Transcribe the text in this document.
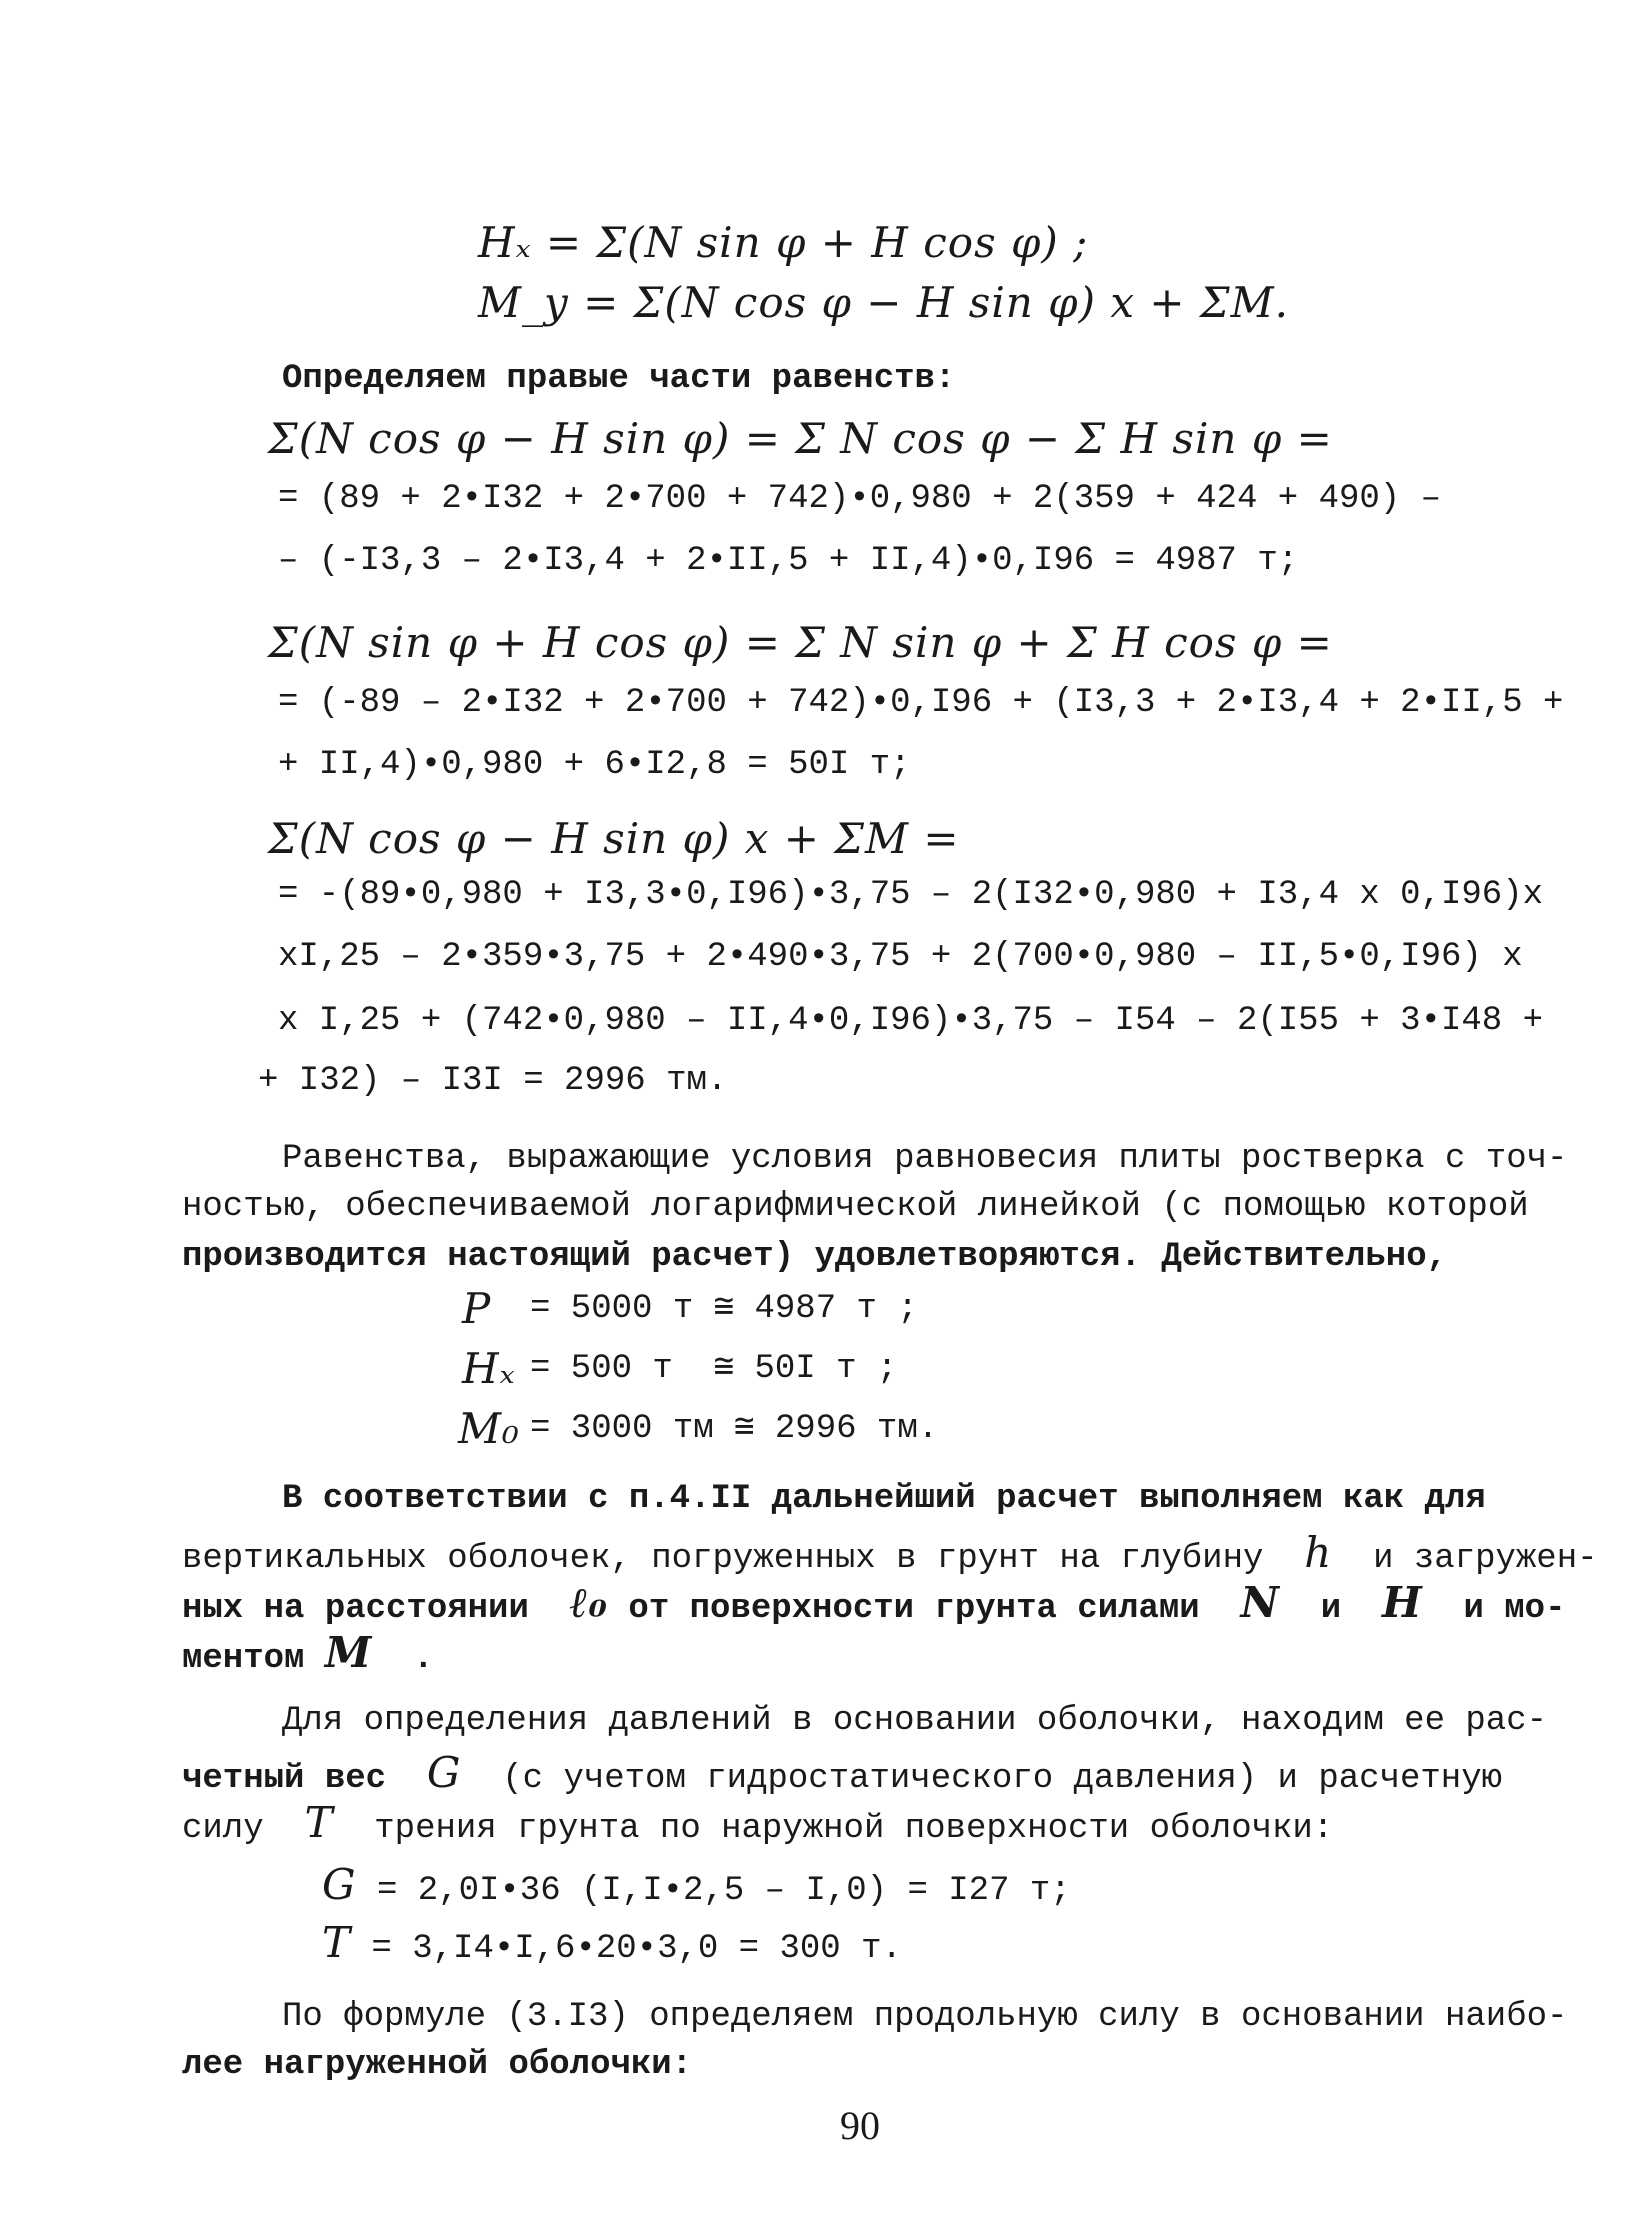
Hₓ = Σ(N sin φ + H cos φ) ;
M_y = Σ(N cos φ − H sin φ) x + ΣM.
Определяем правые части равенств:
Σ(N cos φ − H sin φ) = Σ N cos φ − Σ H sin φ =
= (89 + 2•I32 + 2•700 + 742)•0,980 + 2(359 + 424 + 490) –
– (-I3,3 – 2•I3,4 + 2•II,5 + II,4)•0,I96 = 4987 т;
Σ(N sin φ + H cos φ) = Σ N sin φ + Σ H cos φ =
= (-89 – 2•I32 + 2•700 + 742)•0,I96 + (I3,3 + 2•I3,4 + 2•II,5 +
+ II,4)•0,980 + 6•I2,8 = 50I т;
Σ(N cos φ − H sin φ) x + ΣM =
= -(89•0,980 + I3,3•0,I96)•3,75 – 2(I32•0,980 + I3,4 x 0,I96)x
xI,25 – 2•359•3,75 + 2•490•3,75 + 2(700•0,980 – II,5•0,I96) x
x I,25 + (742•0,980 – II,4•0,I96)•3,75 – I54 – 2(I55 + 3•I48 +
+ I32) – I3I = 2996 тм.
Равенства, выражающие условия равновесия плиты ростверка с точ-
ностью, обеспечиваемой логарифмической линейкой (с помощью которой
производится настоящий расчет) удовлетворяются. Действительно,
P = 5000 т ≅ 4987 т ;
Hₓ = 500 т  ≅ 50I т ;
M₀ = 3000 тм ≅ 2996 тм.
В соответствии с п.4.II дальнейший расчет выполняем как для
вертикальных оболочек, погруженных в грунт на глубину h и загружен-
ных на расстоянии ℓ₀ от поверхности грунта силами N и H и мо-
ментом M .
Для определения давлений в основании оболочки, находим ее рас-
четный вес G (с учетом гидростатического давления) и расчетную
силу T трения грунта по наружной поверхности оболочки:
G = 2,0I•36 (I,I•2,5 – I,0) = I27 т;
T = 3,I4•I,6•20•3,0 = 300 т.
По формуле (3.I3) определяем продольную силу в основании наибо-
лее нагруженной оболочки:
90
